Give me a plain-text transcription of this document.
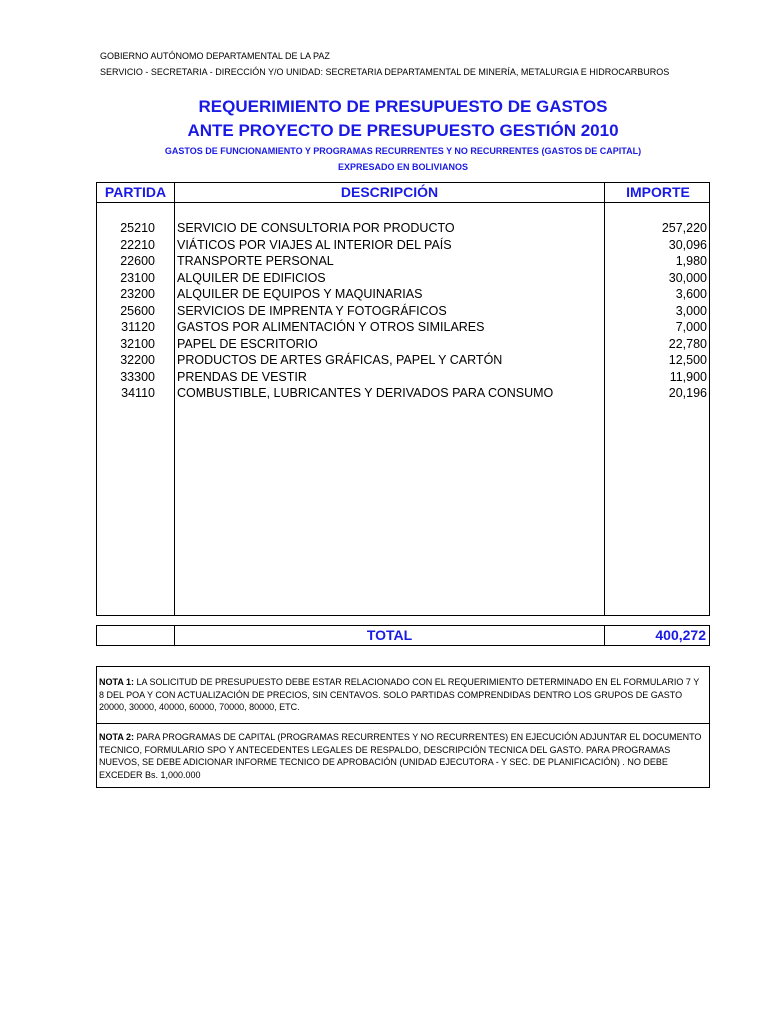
GOBIERNO AUTÓNOMO DEPARTAMENTAL DE LA PAZ
SERVICIO - SECRETARIA - DIRECCIÓN Y/O UNIDAD: SECRETARIA DEPARTAMENTAL DE MINERÍA, METALURGIA E HIDROCARBUROS
REQUERIMIENTO DE PRESUPUESTO DE GASTOS
ANTE PROYECTO DE PRESUPUESTO GESTIÓN 2010
GASTOS DE FUNCIONAMIENTO Y PROGRAMAS RECURRENTES Y NO RECURRENTES (GASTOS DE CAPITAL)
EXPRESADO EN BOLIVIANOS
PARTIDA	DESCRIPCIÓN	IMPORTE
25210 SERVICIO DE CONSULTORIA POR PRODUCTO	257,220
22210 VIÁTICOS POR VIAJES AL INTERIOR DEL PAÍS	30,096
22600 TRANSPORTE PERSONAL	1,980
23100 ALQUILER DE EDIFICIOS	30,000
23200 ALQUILER DE EQUIPOS Y MAQUINARIAS	3,600
25600 SERVICIOS DE IMPRENTA Y FOTOGRÁFICOS	3,000
31120 GASTOS POR ALIMENTACIÓN Y OTROS SIMILARES	7,000
32100 PAPEL DE ESCRITORIO	22,780
32200 PRODUCTOS DE ARTES GRÁFICAS, PAPEL Y CARTÓN	12,500
33300 PRENDAS DE VESTIR	11,900
34110 COMBUSTIBLE, LUBRICANTES Y DERIVADOS PARA CONSUMO	20,196
TOTAL	400,272
NOTA 1: LA SOLICITUD DE PRESUPUESTO DEBE ESTAR RELACIONADO CON EL REQUERIMIENTO DETERMINADO EN EL FORMULARIO 7 Y 8 DEL POA Y CON ACTUALIZACIÓN DE PRECIOS, SIN CENTAVOS. SOLO PARTIDAS COMPRENDIDAS DENTRO LOS GRUPOS DE GASTO 20000, 30000, 40000, 60000, 70000, 80000, ETC.
NOTA 2: PARA PROGRAMAS DE CAPITAL (PROGRAMAS RECURRENTES Y NO RECURRENTES) EN EJECUCIÓN ADJUNTAR EL DOCUMENTO TECNICO, FORMULARIO SPO Y ANTECEDENTES LEGALES DE RESPALDO, DESCRIPCIÓN TECNICA DEL GASTO. PARA PROGRAMAS NUEVOS, SE DEBE ADICIONAR INFORME TECNICO DE APROBACIÓN (UNIDAD EJECUTORA - Y SEC. DE PLANIFICACIÓN) . NO DEBE EXCEDER Bs. 1,000.000
